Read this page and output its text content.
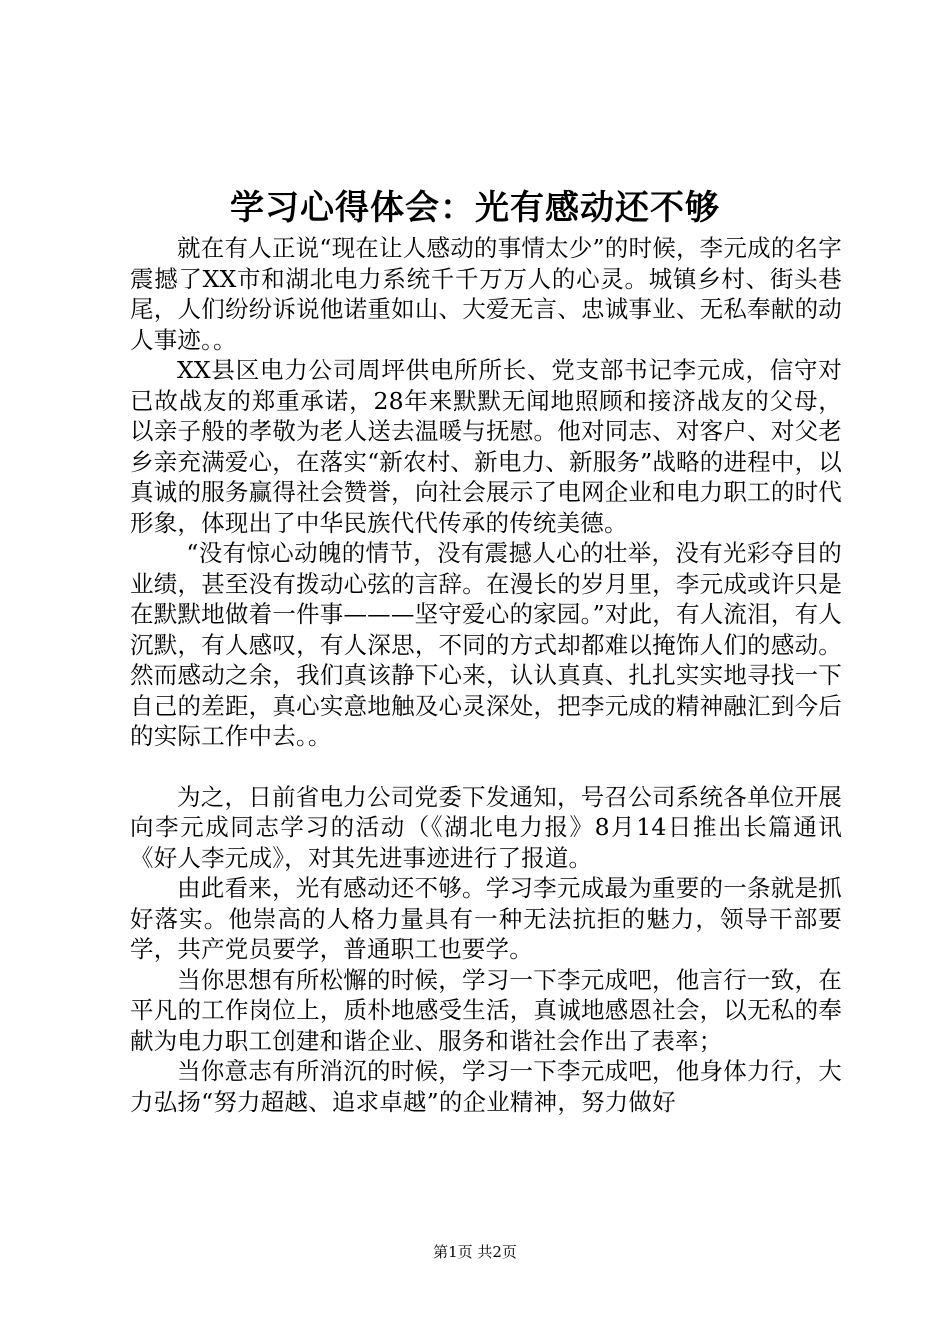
学习心得体会：光有感动还不够

就在有人正说“现在让人感动的事情太少”的时候，李元成的名字震撼了XX市和湖北电力系统千千万万人的心灵。城镇乡村、街头巷尾，人们纷纷诉说他诺重如山、大爱无言、忠诚事业、无私奉献的动人事迹。。

XX县区电力公司周坪供电所所长、党支部书记李元成，信守对已故战友的郑重承诺，28年来默默无闻地照顾和接济战友的父母，以亲子般的孝敬为老人送去温暖与抚慰。他对同志、对客户、对父老乡亲充满爱心，在落实“新农村、新电力、新服务”战略的进程中，以真诚的服务赢得社会赞誉，向社会展示了电网企业和电力职工的时代形象，体现出了中华民族代代传承的传统美德。

“没有惊心动魄的情节，没有震撼人心的壮举，没有光彩夺目的业绩，甚至没有拨动心弦的言辞。在漫长的岁月里，李元成或许只是在默默地做着一件事———坚守爱心的家园。”对此，有人流泪，有人沉默，有人感叹，有人深思，不同的方式却都难以掩饰人们的感动。然而感动之余，我们真该静下心来，认认真真、扎扎实实地寻找一下自己的差距，真心实意地触及心灵深处，把李元成的精神融汇到今后的实际工作中去。。

为之，日前省电力公司党委下发通知，号召公司系统各单位开展向李元成同志学习的活动（《湖北电力报》8月14日推出长篇通讯《好人李元成》，对其先进事迹进行了报道。

由此看来，光有感动还不够。学习李元成最为重要的一条就是抓好落实。他崇高的人格力量具有一种无法抗拒的魅力，领导干部要学，共产党员要学，普通职工也要学。

当你思想有所松懈的时候，学习一下李元成吧，他言行一致，在平凡的工作岗位上，质朴地感受生活，真诚地感恩社会，以无私的奉献为电力职工创建和谐企业、服务和谐社会作出了表率；

当你意志有所消沉的时候，学习一下李元成吧，他身体力行，大力弘扬“努力超越、追求卓越”的企业精神，努力做好

第1页 共2页
